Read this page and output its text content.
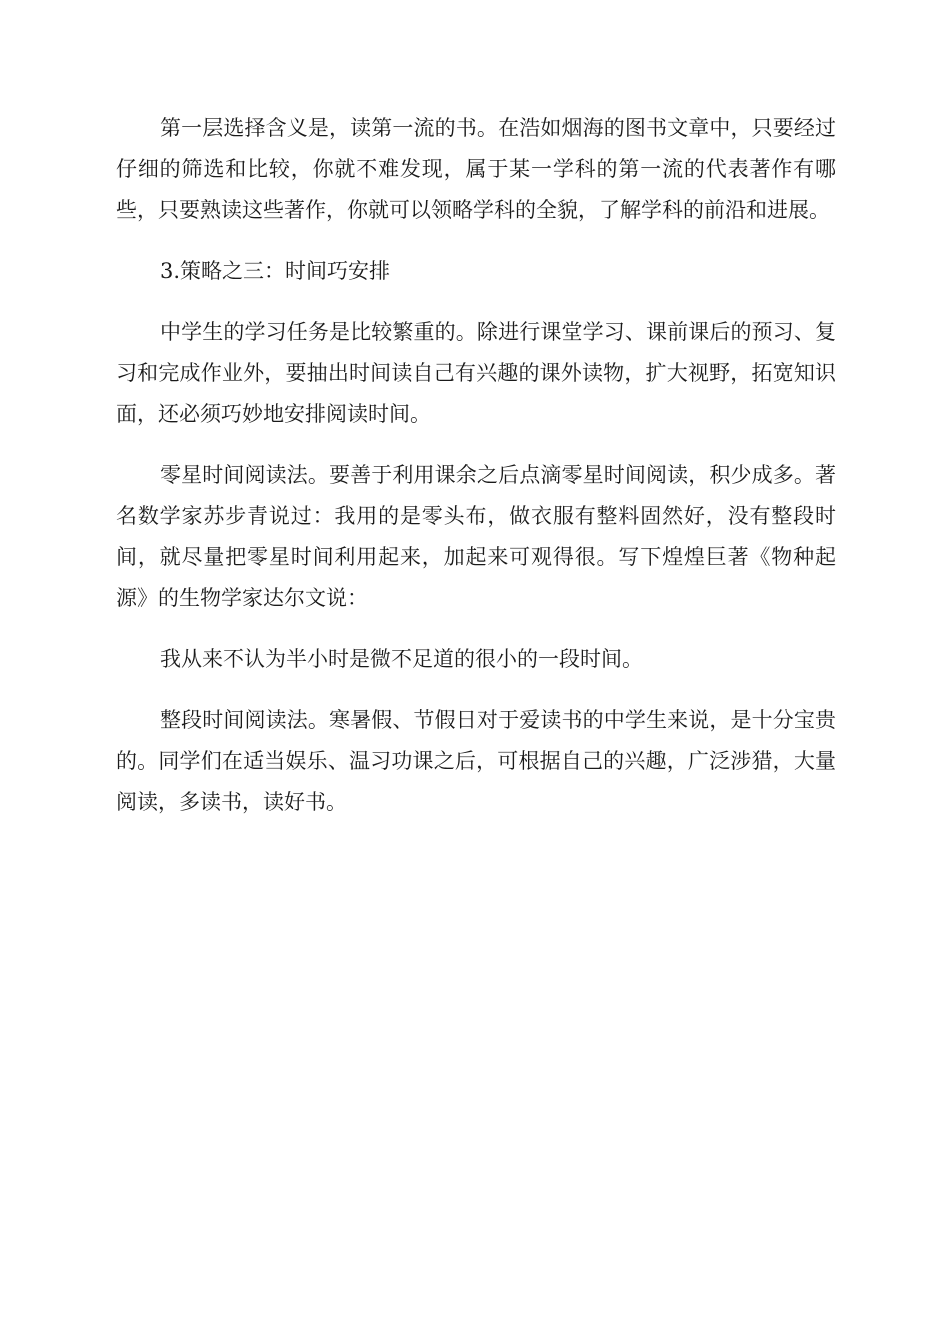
第一层选择含义是，读第一流的书。在浩如烟海的图书文章中，只要经过仔细的筛选和比较，你就不难发现，属于某一学科的第一流的代表著作有哪些，只要熟读这些著作，你就可以领略学科的全貌，了解学科的前沿和进展。

3.策略之三：时间巧安排

中学生的学习任务是比较繁重的。除进行课堂学习、课前课后的预习、复习和完成作业外，要抽出时间读自己有兴趣的课外读物，扩大视野，拓宽知识面，还必须巧妙地安排阅读时间。

零星时间阅读法。要善于利用课余之后点滴零星时间阅读，积少成多。著名数学家苏步青说过：我用的是零头布，做衣服有整料固然好，没有整段时间，就尽量把零星时间利用起来，加起来可观得很。写下煌煌巨著《物种起源》的生物学家达尔文说：

我从来不认为半小时是微不足道的很小的一段时间。

整段时间阅读法。寒暑假、节假日对于爱读书的中学生来说，是十分宝贵的。同学们在适当娱乐、温习功课之后，可根据自己的兴趣，广泛涉猎，大量阅读，多读书，读好书。
